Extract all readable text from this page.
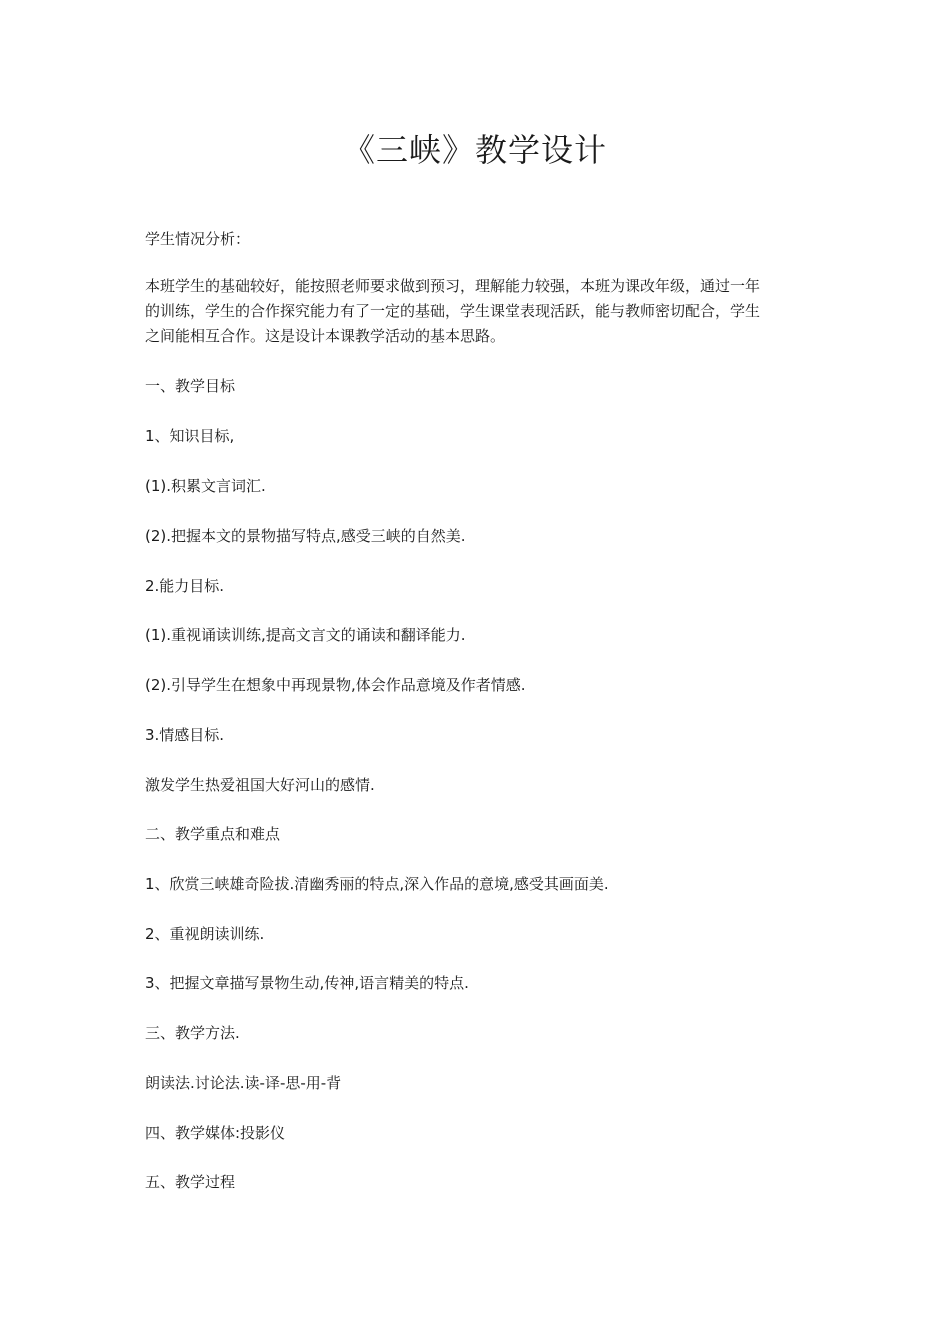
《三峡》教学设计

学生情况分析：

本班学生的基础较好，能按照老师要求做到预习，理解能力较强，本班为课改年级，通过一年
的训练，学生的合作探究能力有了一定的基础，学生课堂表现活跃，能与教师密切配合，学生
之间能相互合作。这是设计本课教学活动的基本思路。

一、教学目标

1、知识目标,

(1).积累文言词汇.

(2).把握本文的景物描写特点,感受三峡的自然美.

2.能力目标.

(1).重视诵读训练,提高文言文的诵读和翻译能力.

(2).引导学生在想象中再现景物,体会作品意境及作者情感.

3.情感目标.

激发学生热爱祖国大好河山的感情.

二、教学重点和难点

1、欣赏三峡雄奇险拔.清幽秀丽的特点,深入作品的意境,感受其画面美.

2、重视朗读训练.

3、把握文章描写景物生动,传神,语言精美的特点.

三、教学方法.

朗读法.讨论法.读-译-思-用-背

四、教学媒体:投影仪

五、教学过程
